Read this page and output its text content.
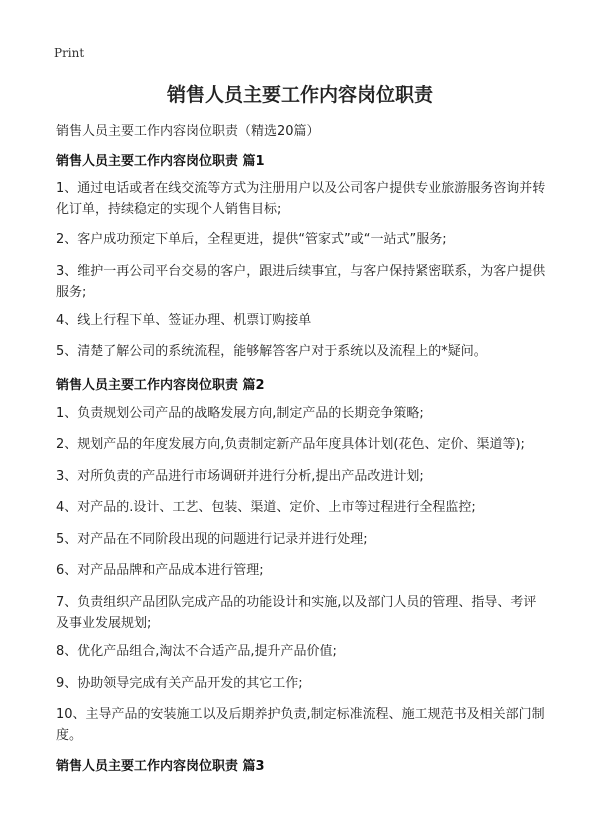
Print
销售人员主要工作内容岗位职责
销售人员主要工作内容岗位职责（精选20篇）
销售人员主要工作内容岗位职责 篇1
1、通过电话或者在线交流等方式为注册用户以及公司客户提供专业旅游服务咨询并转化订单，持续稳定的实现个人销售目标;
2、客户成功预定下单后，全程更进，提供“管家式”或“一站式”服务;
3、维护一再公司平台交易的客户，跟进后续事宜，与客户保持紧密联系，为客户提供服务;
4、线上行程下单、签证办理、机票订购接单
5、清楚了解公司的系统流程，能够解答客户对于系统以及流程上的*疑问。
销售人员主要工作内容岗位职责 篇2
1、负责规划公司产品的战略发展方向,制定产品的长期竞争策略;
2、规划产品的年度发展方向,负责制定新产品年度具体计划(花色、定价、渠道等);
3、对所负责的产品进行市场调研并进行分析,提出产品改进计划;
4、对产品的.设计、工艺、包装、渠道、定价、上市等过程进行全程监控;
5、对产品在不同阶段出现的问题进行记录并进行处理;
6、对产品品牌和产品成本进行管理;
7、负责组织产品团队完成产品的功能设计和实施,以及部门人员的管理、指导、考评及事业发展规划;
8、优化产品组合,淘汰不合适产品,提升产品价值;
9、协助领导完成有关产品开发的其它工作;
10、主导产品的安装施工以及后期养护负责,制定标准流程、施工规范书及相关部门制度。
销售人员主要工作内容岗位职责 篇3
